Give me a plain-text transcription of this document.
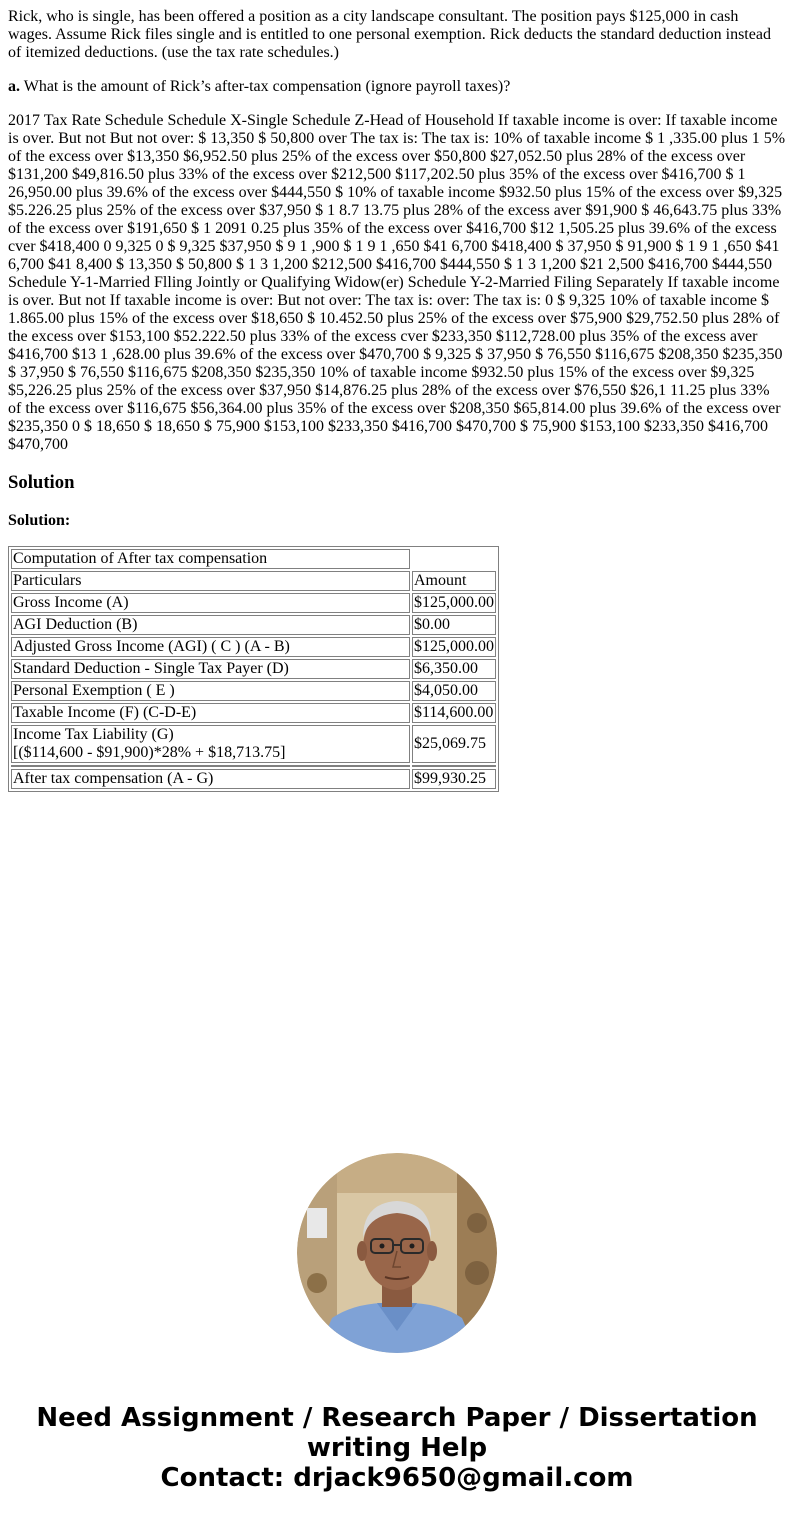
Rick, who is single, has been offered a position as a city landscape consultant. The position pays $125,000 in cash wages. Assume Rick files single and is entitled to one personal exemption. Rick deducts the standard deduction instead of itemized deductions. (use the tax rate schedules.)

a. What is the amount of Rick’s after-tax compensation (ignore payroll taxes)?

2017 Tax Rate Schedule Schedule X-Single Schedule Z-Head of Household If taxable income is over: If taxable income is over. But not But not over: $ 13,350 $ 50,800 over The tax is: The tax is: 10% of taxable income $ 1 ,335.00 plus 1 5% of the excess over $13,350 $6,952.50 plus 25% of the excess over $50,800 $27,052.50 plus 28% of the excess over $131,200 $49,816.50 plus 33% of the excess over $212,500 $117,202.50 plus 35% of the excess over $416,700 $ 1 26,950.00 plus 39.6% of the excess over $444,550 $ 10% of taxable income $932.50 plus 15% of the excess over $9,325 $5.226.25 plus 25% of the excess over $37,950 $ 1 8.7 13.75 plus 28% of the excess aver $91,900 $ 46,643.75 plus 33% of the excess over $191,650 $ 1 2091 0.25 plus 35% of the excess over $416,700 $12 1,505.25 plus 39.6% of the excess cver $418,400 0 9,325 0 $ 9,325 $37,950 $ 9 1 ,900 $ 1 9 1 ,650 $41 6,700 $418,400 $ 37,950 $ 91,900 $ 1 9 1 ,650 $41 6,700 $41 8,400 $ 13,350 $ 50,800 $ 1 3 1,200 $212,500 $416,700 $444,550 $ 1 3 1,200 $21 2,500 $416,700 $444,550 Schedule Y-1-Married Flling Jointly or Qualifying Widow(er) Schedule Y-2-Married Filing Separately If taxable income is over. But not If taxable income is over: But not over: The tax is: over: The tax is: 0 $ 9,325 10% of taxable income $ 1.865.00 plus 15% of the excess over $18,650 $ 10.452.50 plus 25% of the excess over $75,900 $29,752.50 plus 28% of the excess over $153,100 $52.222.50 plus 33% of the excess cver $233,350 $112,728.00 plus 35% of the excess aver $416,700 $13 1 ,628.00 plus 39.6% of the excess over $470,700 $ 9,325 $ 37,950 $ 76,550 $116,675 $208,350 $235,350 $ 37,950 $ 76,550 $116,675 $208,350 $235,350 10% of taxable income $932.50 plus 15% of the excess over $9,325 $5,226.25 plus 25% of the excess over $37,950 $14,876.25 plus 28% of the excess over $76,550 $26,1 11.25 plus 33% of the excess over $116,675 $56,364.00 plus 35% of the excess over $208,350 $65,814.00 plus 39.6% of the excess over $235,350 0 $ 18,650 $ 18,650 $ 75,900 $153,100 $233,350 $416,700 $470,700 $ 75,900 $153,100 $233,350 $416,700 $470,700

Solution

Solution:

Computation of After tax compensation	
Particulars	Amount
Gross Income (A)	$125,000.00
AGI Deduction (B)	$0.00
Adjusted Gross Income (AGI) ( C ) (A - B)	$125,000.00
Standard Deduction - Single Tax Payer (D)	$6,350.00
Personal Exemption ( E )	$4,050.00
Taxable Income (F) (C-D-E)	$114,600.00
Income Tax Liability (G)
[($114,600 - $91,900)*28% + $18,713.75]	$25,069.75

After tax compensation (A - G)	$99,930.25
Need Assignment / Research Paper / Dissertation
writing Help
Contact: drjack9650@gmail.com
